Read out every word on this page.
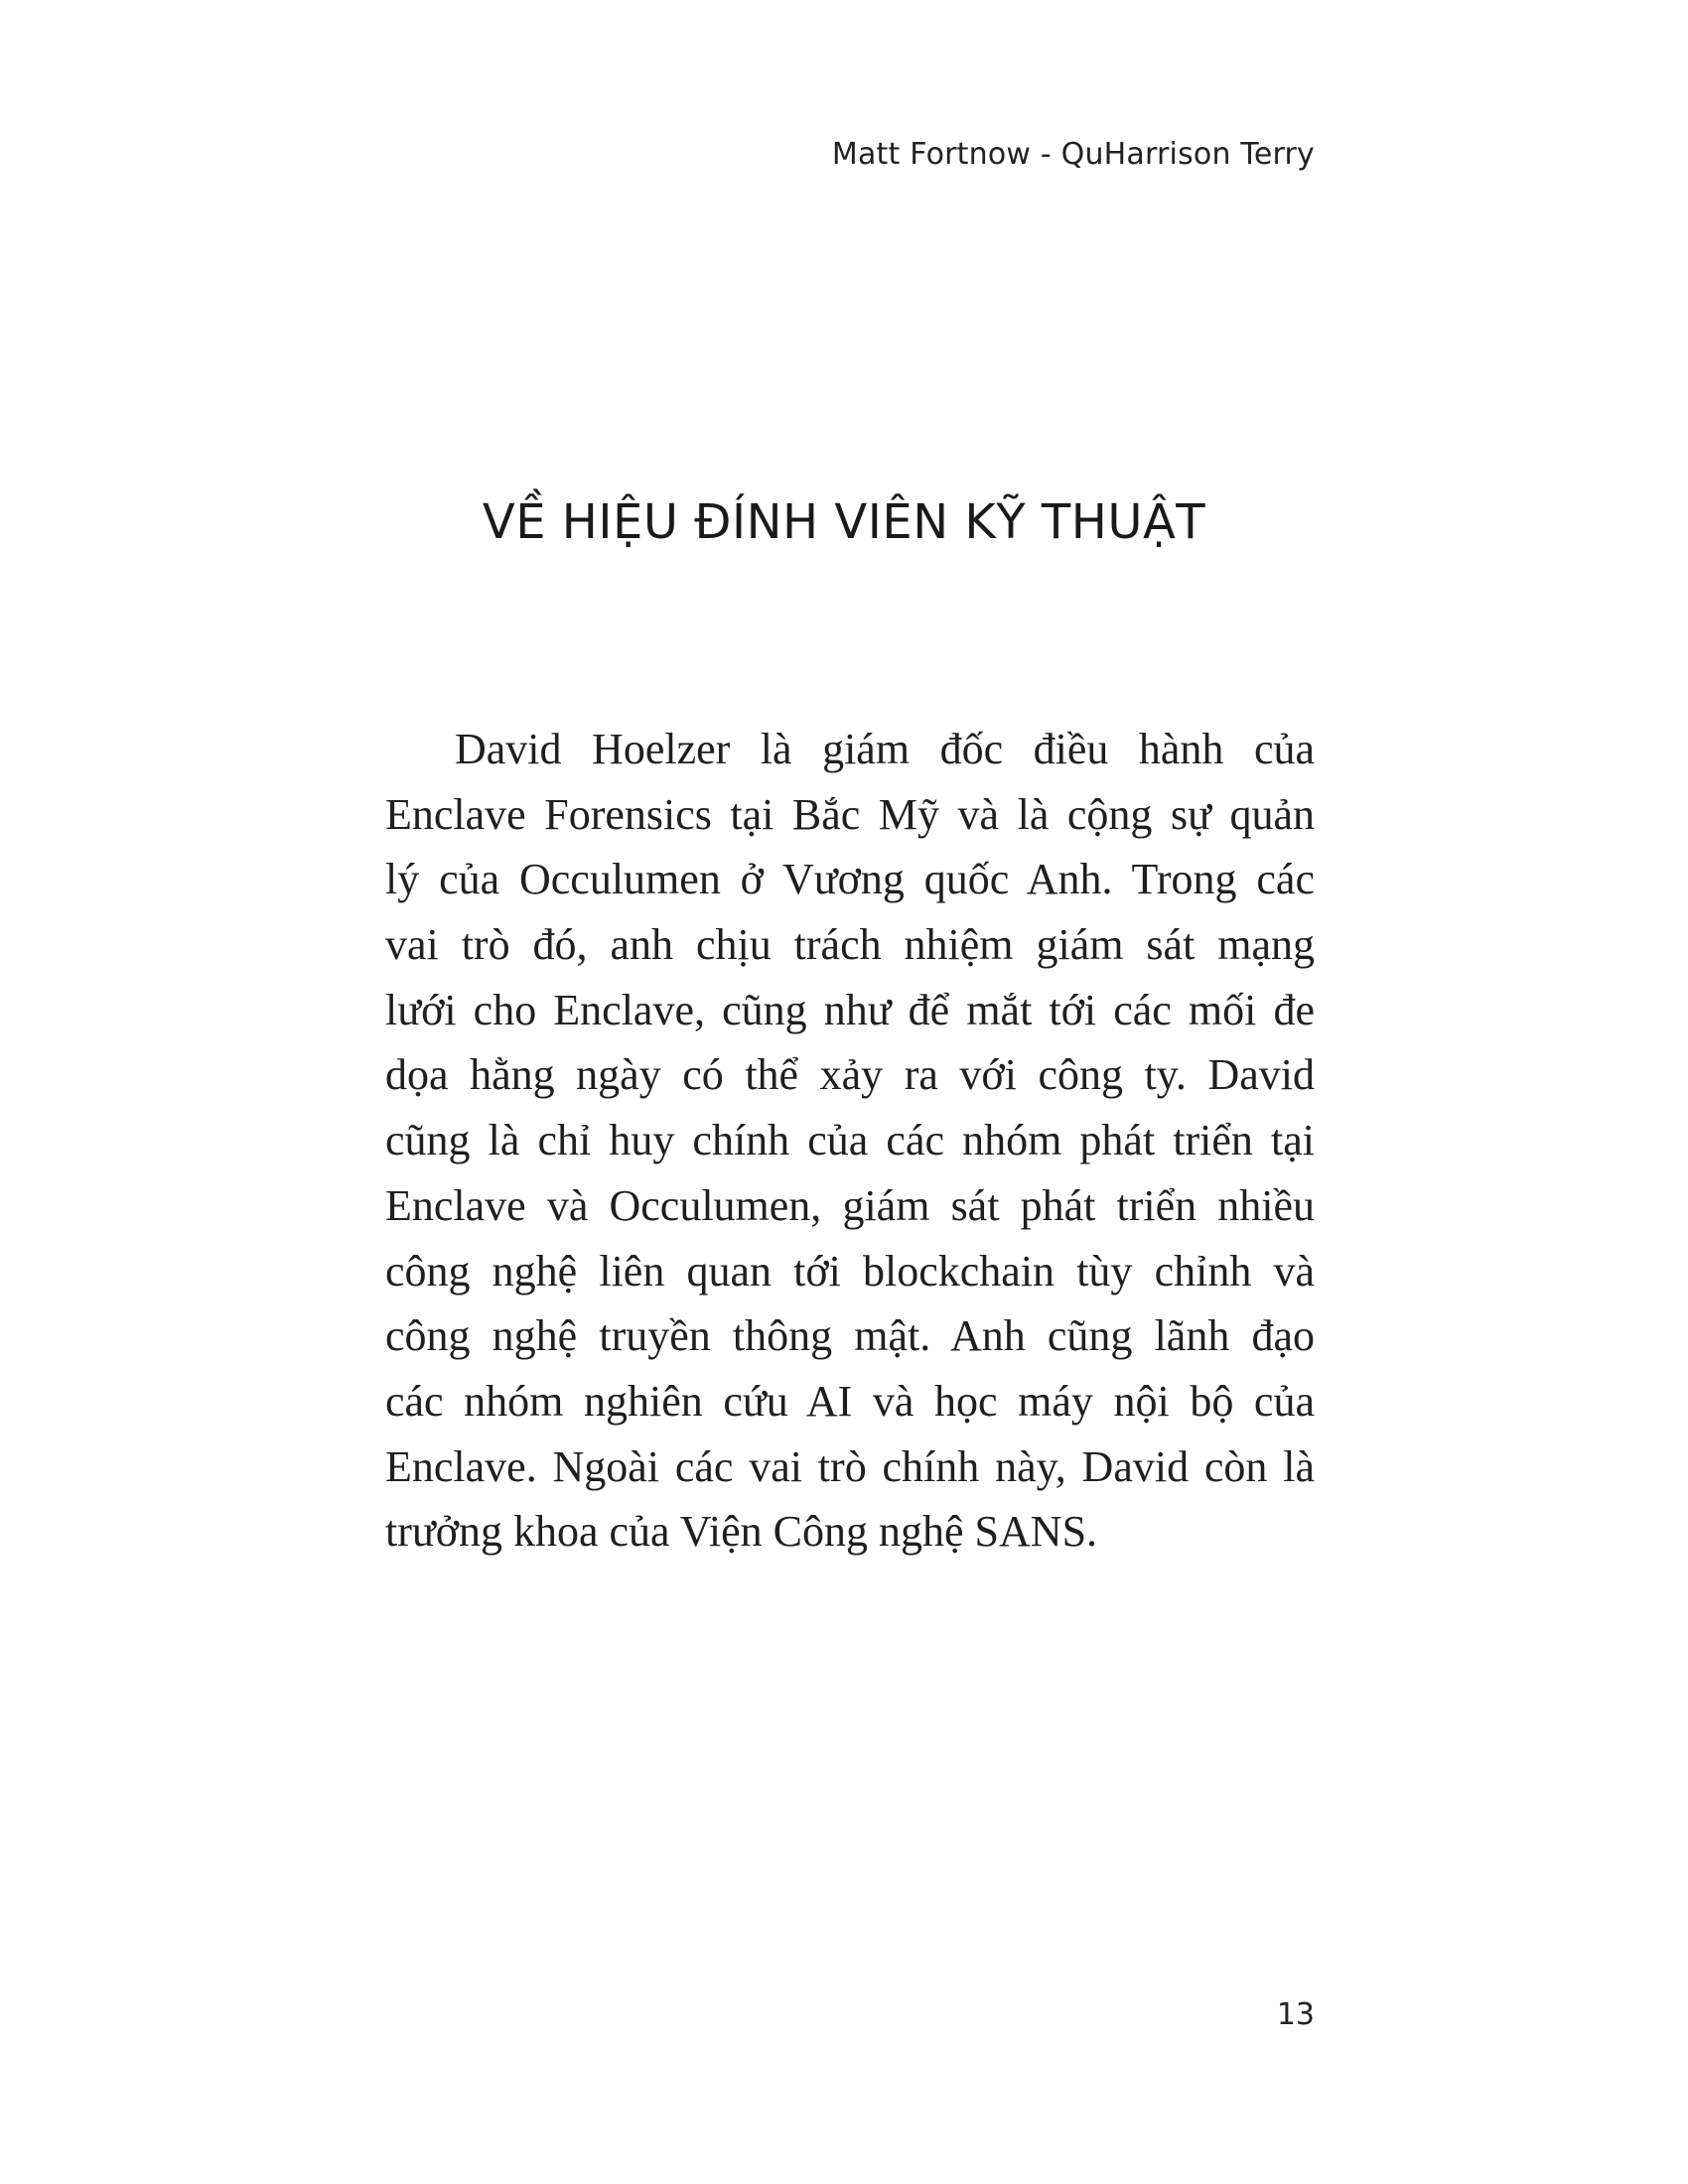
Matt Fortnow - QuHarrison Terry
VỀ HIỆU ĐÍNH VIÊN KỸ THUẬT
David Hoelzer là giám đốc điều hành của
Enclave Forensics tại Bắc Mỹ và là cộng sự quản
lý của Occulumen ở Vương quốc Anh. Trong các
vai trò đó, anh chịu trách nhiệm giám sát mạng
lưới cho Enclave, cũng như để mắt tới các mối đe
dọa hằng ngày có thể xảy ra với công ty. David
cũng là chỉ huy chính của các nhóm phát triển tại
Enclave và Occulumen, giám sát phát triển nhiều
công nghệ liên quan tới blockchain tùy chỉnh và
công nghệ truyền thông mật. Anh cũng lãnh đạo
các nhóm nghiên cứu AI và học máy nội bộ của
Enclave. Ngoài các vai trò chính này, David còn là
trưởng khoa của Viện Công nghệ SANS.
13
